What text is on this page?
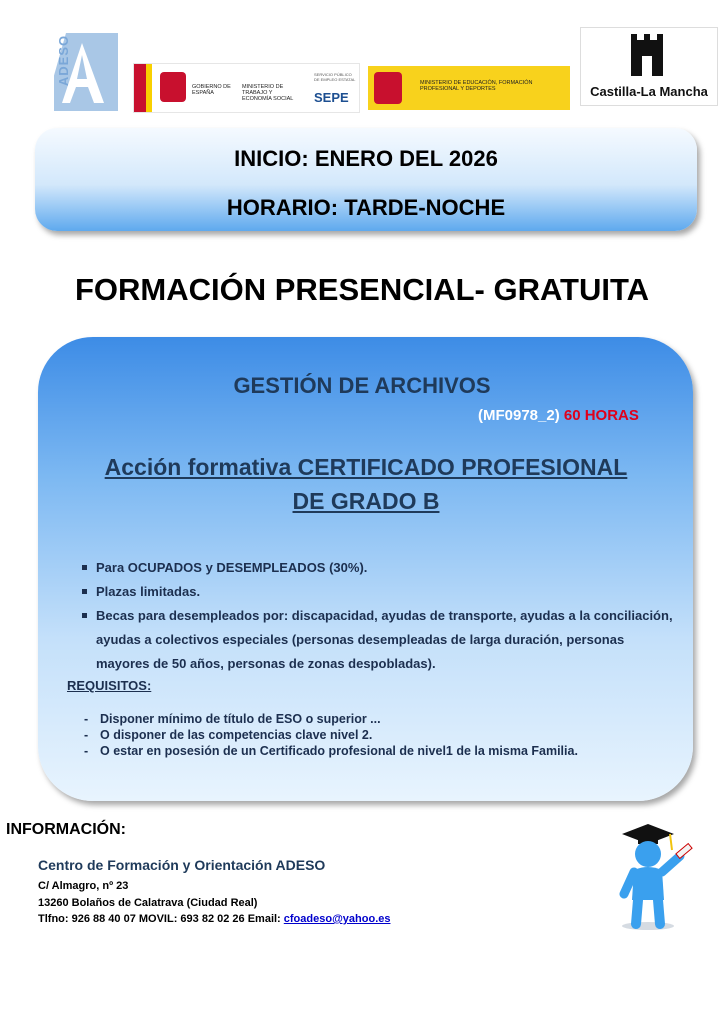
ADESO
GOBIERNO DE ESPAÑA
MINISTERIO DE TRABAJO Y ECONOMÍA SOCIAL
SERVICIO PÚBLICO DE EMPLEO ESTATAL
SEPE
MINISTERIO DE EDUCACIÓN, FORMACIÓN PROFESIONAL Y DEPORTES	Castilla-La Mancha
INICIO: ENERO DEL 2026
HORARIO: TARDE-NOCHE
FORMACIÓN PRESENCIAL- GRATUITA
GESTIÓN DE ARCHIVOS
(MF0978_2) 60 HORAS
Acción formativa CERTIFICADO PROFESIONAL
DE GRADO B
Para OCUPADOS y DESEMPLEADOS (30%).
Plazas limitadas.
Becas para desempleados por: discapacidad, ayudas de transporte, ayudas a la conciliación, ayudas a colectivos especiales (personas desempleadas de larga duración, personas mayores de 50 años, personas de zonas despobladas).
REQUISITOS:
- Disponer mínimo de título de ESO o superior ...
- O disponer de las competencias clave nivel 2.
- O estar en posesión de un Certificado profesional de nivel1 de la misma Familia.
INFORMACIÓN:
Centro de Formación y Orientación ADESO
C/ Almagro, nº 23
13260 Bolaños de Calatrava (Ciudad Real)
Tlfno: 926 88 40 07 MOVIL: 693 82 02 26 Email: cfoadeso@yahoo.es
